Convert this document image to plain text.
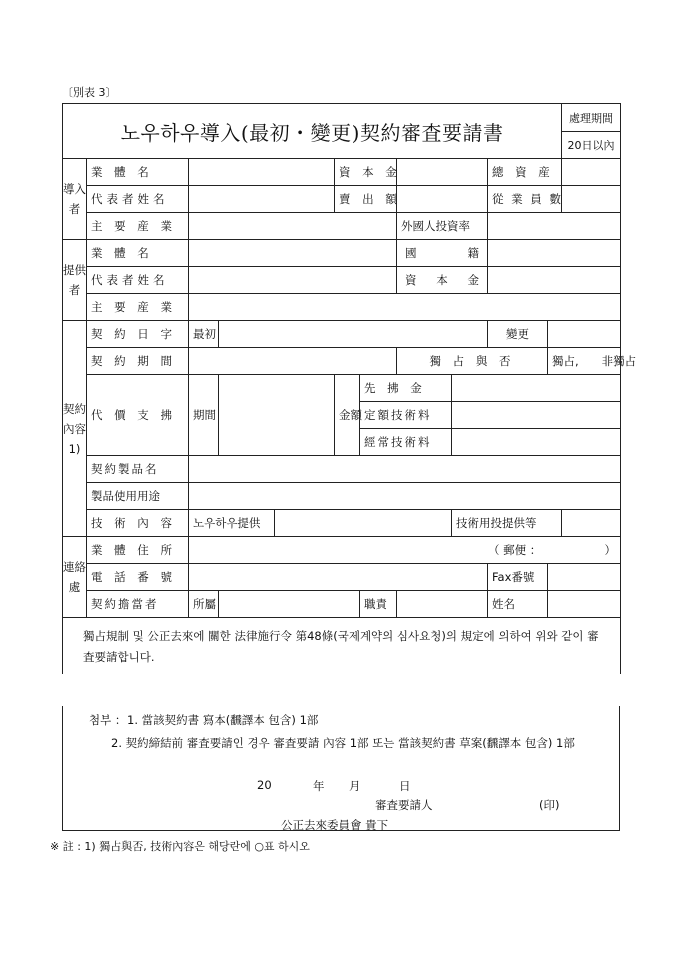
〔別表 3〕
노우하우導入(最初・變更)契約審査要請書											處理期間
											20日以內
導入者	業 體 名				資 本 金				總 資 産		
	代表者姓名				賣 出 額				從 業 員 數		
	主 要 産 業						外國人投資率				
提供者	業 體 名						國 籍				

	代表者姓名						資 本 金				

	主 要 産 業										
契約內容1)	契 約 日 字	最初							變更		
	契 約 期 間						獨 占 與 否			獨占,　　非獨占	
	代 價 支 拂	期間			金額	先 拂 金					
						定額技術料					
						經常技術料					
	契約製品名										
	製品使用用途										
	技 術 內 容	노우하우提供						技術用投提供等			
連絡處	業 體 住 所	（ 郵便 ：　　　　　　）									
	電 話 番 號								Fax番號		
	契約擔當者	所屬				職責			姓名		
獨占規制 및 公正去來에 關한 法律施行令 第48條(국제계약의 심사요청)의 規定에 의하여 위와 같이 審査要請합니다.											
첨부 ： 1. 當該契約書 寫本(飜譯本 包含) 1部
2. 契約締結前 審査要請인 경우 審査要請 內容 1部 또는 當該契約書 草案(飜譯本 包含) 1部
20	年 月	日
審査要請人	(印)
公正去來委員會 貴下
※ 註 : 1) 獨占與否, 技術內容은 해당란에 ○표 하시오
